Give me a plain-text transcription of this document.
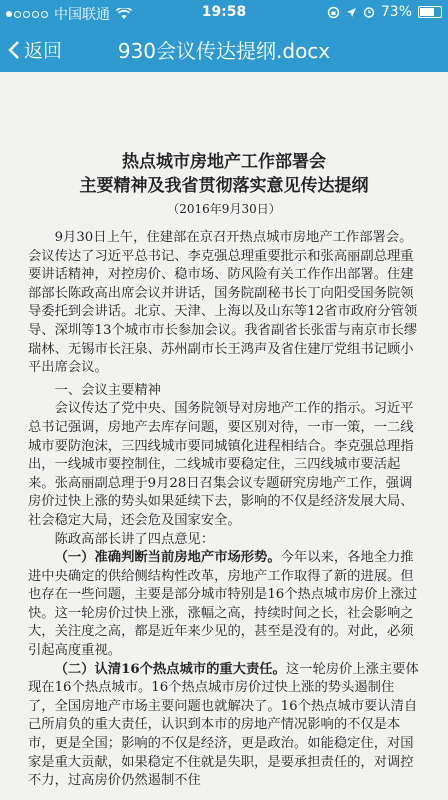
中国联通	19:58	73%
返回	930会议传达提纲.docx
热点城市房地产工作部署会
主要精神及我省贯彻落实意见传达提纲
（2016年9月30日）

9月30日上午，住建部在京召开热点城市房地产工作部署会。会议传达了习近平总书记、李克强总理重要批示和张高丽副总理重要讲话精神，对控房价、稳市场、防风险有关工作作出部署。住建部部长陈政高出席会议并讲话，国务院副秘书长丁向阳受国务院领导委托到会讲话。北京、天津、上海以及山东等12省市政府分管领导、深圳等13个城市市长参加会议。我省副省长张雷与南京市长缪瑞林、无锡市长汪泉、苏州副市长王鸿声及省住建厅党组书记顾小平出席会议。

一、会议主要精神

会议传达了党中央、国务院领导对房地产工作的指示。习近平总书记强调，房地产去库存问题，要区别对待，一市一策，一二线城市要防泡沫，三四线城市要同城镇化进程相结合。李克强总理指出，一线城市要控制住，二线城市要稳定住，三四线城市要活起来。张高丽副总理于9月28日召集会议专题研究房地产工作，强调房价过快上涨的势头如果延续下去，影响的不仅是经济发展大局、社会稳定大局，还会危及国家安全。

陈政高部长讲了四点意见：

（一）准确判断当前房地产市场形势。今年以来，各地全力推进中央确定的供给侧结构性改革，房地产工作取得了新的进展。但也存在一些问题，主要是部分城市特别是16个热点城市房价上涨过快。这一轮房价过快上涨，涨幅之高，持续时间之长，社会影响之大，关注度之高，都是近年来少见的，甚至是没有的。对此，必须引起高度重视。

（二）认清16个热点城市的重大责任。这一轮房价上涨主要体现在16个热点城市。16个热点城市房价过快上涨的势头遏制住了，全国房地产市场主要问题也就解决了。16个热点城市要认清自己所肩负的重大责任，认识到本市的房地产情况影响的不仅是本市，更是全国；影响的不仅是经济，更是政治。如能稳定住，对国家是重大贡献，如果稳定不住就是失职，是要承担责任的，对调控不力，过高房价仍然遏制不住
